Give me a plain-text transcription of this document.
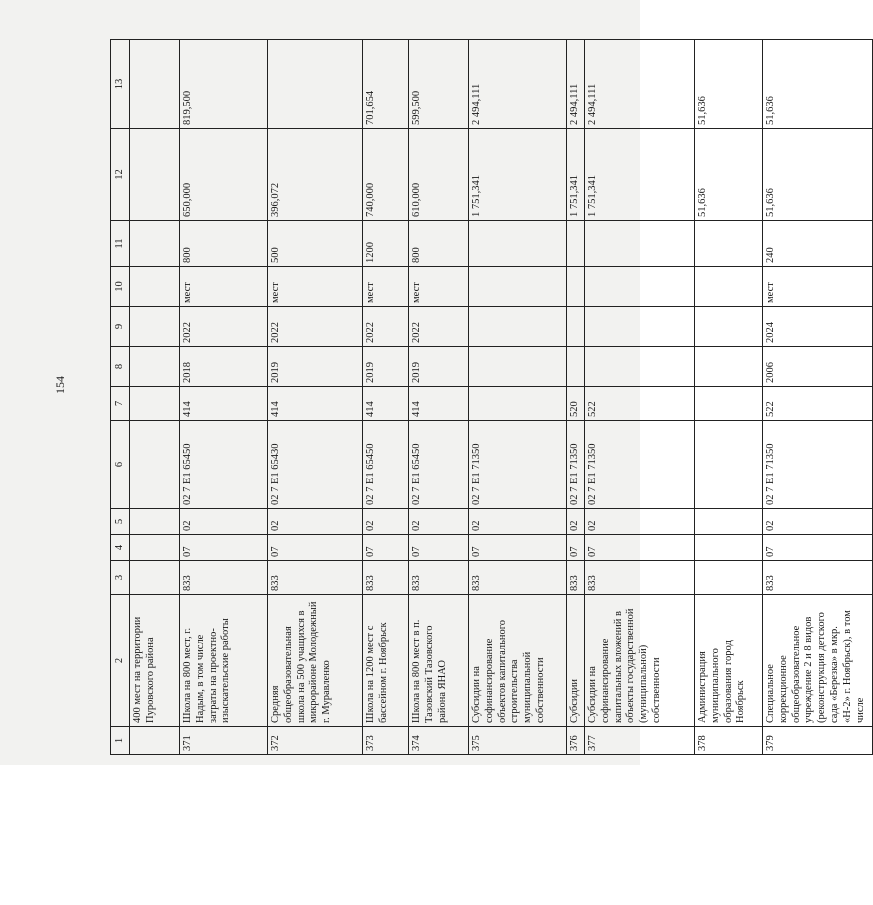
154
1	2	3	4	5	6	7	8	9	10	11	12	13
	400 мест на территории Пуровского района											
371	Школа на 800 мест, г. Надым, в том числе затраты на проектно-изыскательские работы	833	07	02	02 7 E1 65450	414	2018	2022	мест	800	650,000	819,500
372	Средняя общеобразовательная школа на 500 учащихся в микрорайоне Молодежный г. Муравленко	833	07	02	02 7 E1 65430	414	2019	2022	мест	500	396,072	
373	Школа на 1200 мест с бассейном г. Ноябрьск	833	07	02	02 7 E1 65450	414	2019	2022	мест	1200	740,000	701,654
374	Школа на 800 мест в п. Тазовский Тазовского района ЯНАО	833	07	02	02 7 E1 65450	414	2019	2022	мест	800	610,000	599,500
375	Субсидии на софинансирование объектов капитального строительства муниципальной собственности	833	07	02	02 7 E1 71350						1 751,341	2 494,111
376	Субсидии	833	07	02	02 7 E1 71350	520					1 751,341	2 494,111
377	Субсидии на софинансирование капитальных вложений в объекты государственной (муниципальной) собственности	833	07	02	02 7 E1 71350	522					1 751,341	2 494,111
378	Администрация муниципального образования город Ноябрьск										51,636	51,636
379	Специальное коррекционное общеобразовательное учреждение 2 и 8 видов (реконструкция детского сада «Березка» в мкр. «Н-2» г. Ноябрьск), в том числе	833	07	02	02 7 E1 71350	522	2006	2024	мест	240	51,636	51,636
